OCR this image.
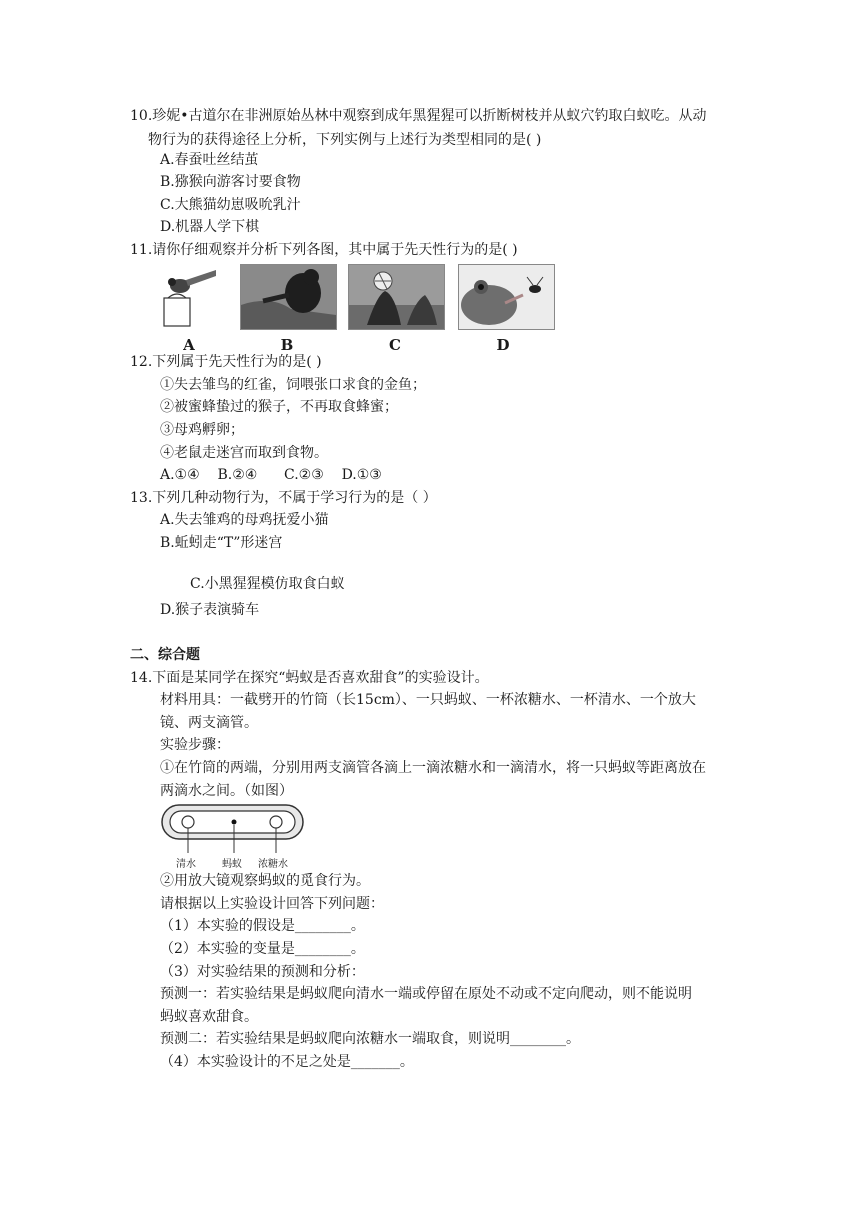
10.珍妮•古道尔在非洲原始丛林中观察到成年黑猩猩可以折断树枝并从蚁穴钓取白蚁吃。从动
物行为的获得途径上分析，下列实例与上述行为类型相同的是( )
A.春蚕吐丝结茧
B.猕猴向游客讨要食物
C.大熊猫幼崽吸吮乳汁
D.机器人学下棋
11.请你仔细观察并分析下列各图，其中属于先天性行为的是( )
A	B	C	D
12.下列属于先天性行为的是( )
①失去雏鸟的红雀，饲喂张口求食的金鱼；
②被蜜蜂蛰过的猴子，不再取食蜂蜜；
③母鸡孵卵；
④老鼠走迷宫而取到食物。
A.①④    B.②④      C.②③    D.①③
13.下列几种动物行为，不属于学习行为的是（ ）
A.失去雏鸡的母鸡抚爱小猫
B.蚯蚓走“T”形迷宫
C.小黑猩猩模仿取食白蚁
D.猴子表演骑车
二、综合题
14.下面是某同学在探究“蚂蚁是否喜欢甜食”的实验设计。
材料用具：一截劈开的竹筒（长15cm）、一只蚂蚁、一杯浓糖水、一杯清水、一个放大
镜、两支滴管。
实验步骤：
①在竹筒的两端，分别用两支滴管各滴上一滴浓糖水和一滴清水，将一只蚂蚁等距离放在
两滴水之间。（如图）
清水	蚂蚁 浓糖水
②用放大镜观察蚂蚁的觅食行为。
请根据以上实验设计回答下列问题：
（1）本实验的假设是________。
（2）本实验的变量是________。
（3）对实验结果的预测和分析：
预测一：若实验结果是蚂蚁爬向清水一端或停留在原处不动或不定向爬动，则不能说明
蚂蚁喜欢甜食。
预测二：若实验结果是蚂蚁爬向浓糖水一端取食，则说明________。
（4）本实验设计的不足之处是_______。
